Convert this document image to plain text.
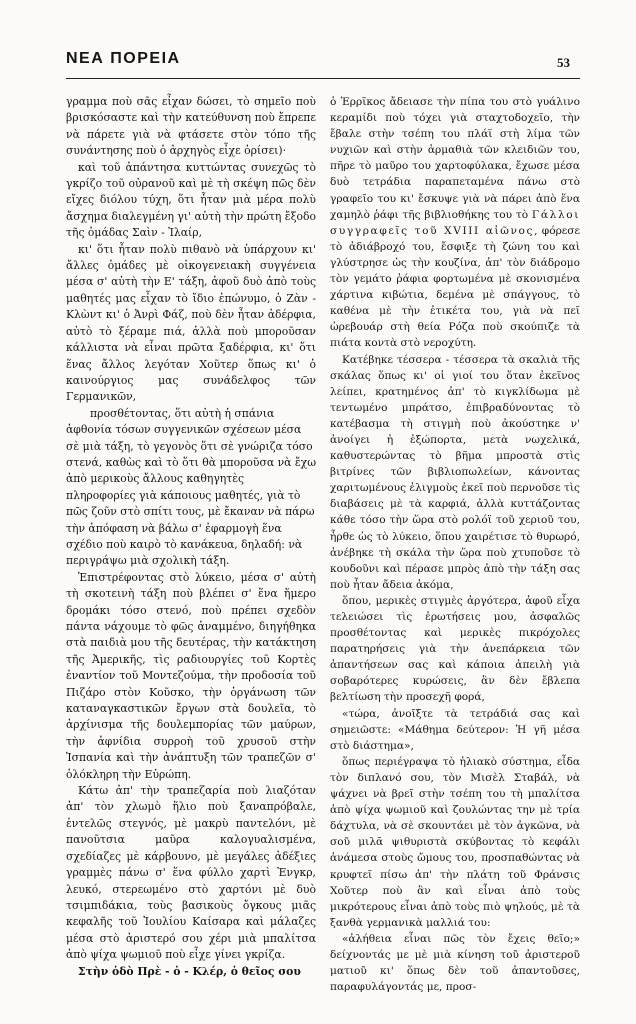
ΝΕΑ ΠΟΡΕΙΑ	53

γραμμα ποὺ σᾶς εἶχαν δώσει, τὸ σημεῖο ποὺ βρισκόσαστε καὶ τὴν κατεύθυνση ποὺ ἔπρεπε νὰ πάρετε γιὰ νὰ φτάσετε στὸν τόπο τῆς συνάντησης ποὺ ὁ ἀρχηγὸς εἶχε ὁρίσει)·

καὶ τοῦ ἀπάντησα κυττώντας συνεχῶς τὸ γκρίζο τοῦ οὐρανοῦ καὶ μὲ τὴ σκέψη πῶς δὲν εἴχες διόλου τύχη, ὅτι ἦταν μιὰ μέρα πολὺ ἄσχημα διαλεγμένη γι' αὐτὴ τὴν πρώτη ἔξοδο τῆς ὁμάδας Σαὶν - Ἰλαίρ,

κι' ὅτι ἦταν πολὺ πιθανὸ νὰ ὑπάρχουν κι' ἄλλες ὁμάδες μὲ οἰκογενειακὴ συγγένεια μέσα σ' αὐτὴ τὴν Ε' τάξη, ἀφοῦ δυὸ ἀπὸ τοὺς μαθητές μας εἶχαν τὸ ἴδιο ἐπώνυμο, ὁ Ζὰν - Κλὼντ κι' ὁ Ἀνρὶ Φάζ, ποὺ δὲν ἦταν ἀδέρφια, αὐτὸ τὸ ξέραμε πιά, ἀλλὰ ποὺ μποροῦσαν κάλλιστα νὰ εἶναι πρῶτα ξαδέρφια, κι' ὅτι ἕνας ἄλλος λεγόταν Χοῦτερ ὅπως κι' ὁ καινούργιος μας συνάδελφος τῶν Γερμανικῶν,

προσθέτοντας, ὅτι αὐτὴ ἡ σπάνια ἀφθονία τόσων συγγενικῶν σχέσεων μέσα σὲ μιὰ τάξη, τὸ γεγονὸς ὅτι σὲ γνώριζα τόσο στενά, καθὼς καὶ τὸ ὅτι θὰ μποροῦσα νὰ ἔχω ἀπὸ μερικοὺς ἄλλους καθηγητὲς πληροφορίες γιὰ κάποιους μαθητές, γιὰ τὸ πῶς ζοῦν στὸ σπίτι τους, μὲ ἔκαναν νὰ πάρω τὴν ἀπόφαση νὰ βάλω σ' ἐφαρμογὴ ἕνα σχέδιο ποὺ καιρὸ τὸ κανάκευα, δηλαδή: νὰ περιγράψω μιὰ σχολικὴ τάξη.

Ἐπιστρέφοντας στὸ λύκειο, μέσα σ' αὐτὴ τὴ σκοτεινὴ τάξη ποὺ βλέπει σ' ἕνα ἥμερο δρομάκι τόσο στενό, ποὺ πρέπει σχεδὸν πάντα νάχουμε τὸ φῶς ἀναμμένο, διηγήθηκα στὰ παιδιὰ μου τῆς δευτέρας, τὴν κατάκτηση τῆς Ἀμερικῆς, τὶς ραδιουργίες τοῦ Κορτὲς ἐναντίον τοῦ Μοντεζούμα, τὴν προδοσία τοῦ Πιζάρο στὸν Κοῦσκο, τὴν ὀργάνωση τῶν καταναγκαστικῶν ἔργων στὰ δουλεῖα, τὸ ἀρχίνισμα τῆς δουλεμπορίας τῶν μαύρων, τὴν ἀφνίδια συρροὴ τοῦ χρυσοῦ στὴν Ἰσπανία καὶ τὴν ἀνάπτυξη τῶν τραπεζῶν σ' ὁλόκληρη τὴν Εὐρώπη.

Κάτω ἀπ' τὴν τραπεζαρία ποὺ λιαζόταν ἀπ' τὸν χλωμὸ ἥλιο ποὺ ξαναπρόβαλε, ἐντελῶς στεγνός, μὲ μακρὺ παντελόνι, μὲ πανοῦτσια μαῦρα καλογυαλισμένα, σχεδίαζες μὲ κάρβουνο, μὲ μεγάλες ἀδέξιες γραμμὲς πάνω σ' ἕνα φύλλο χαρτὶ Ἐνγκρ, λευκό, στερεωμένο στὸ χαρτόνι μὲ δυὸ τσιμπιδάκια, τοὺς βασικοὺς ὄγκους μιᾶς κεφαλῆς τοῦ Ἰουλίου Καίσαρα καὶ μάλαζες μέσα στὸ ἀριστερό σου χέρι μιὰ μπαλίτσα ἀπὸ ψίχα ψωμιοῦ ποὺ εἶχε γίνει γκρίζα.

Στὴν ὁδὸ Πρὲ - ὀ - Κλέρ, ὁ θεῖος σου

ὁ Ἐρρῖκος ἄδειασε τὴν πίπα του στὸ γυάλινο κεραμίδι ποὺ τόχει γιὰ σταχτοδοχεῖο, τὴν ἔβαλε στὴν τσέπη του πλάϊ στὴ λίμα τῶν νυχιῶν καὶ στὴν ἁρμαθιὰ τῶν κλειδιῶν του, πῆρε τὸ μαῦρο του χαρτοφύλακα, ἔχωσε μέσα δυὸ τετράδια παραπεταμένα πάνω στὸ γραφεῖο του κι' ἔσκυψε γιὰ νὰ πάρει ἀπὸ ἕνα χαμηλὸ ῥάφι τῆς βιβλιοθήκης του τὸ Γάλλοι συγγραφεῖς τοῦ XVIII αἰῶνος, φόρεσε τὸ ἀδιάβροχό του, ἔσφιξε τὴ ζώνη του καὶ γλύστρησε ὡς τὴν κουζίνα, ἀπ' τὸν διάδρομο τὸν γεμάτο ῥάφια φορτωμένα μὲ σκονισμένα χάρτινα κιβώτια, δεμένα μὲ σπάγγους, τὸ καθένα μὲ τὴν ἐτικέτα του, γιὰ νὰ πεῖ ὠρεβουάρ στὴ θεία Ρόζα ποὺ σκούπιζε τὰ πιάτα κοντὰ στὸ νεροχύτη.

Κατέβηκε τέσσερα - τέσσερα τὰ σκαλιὰ τῆς σκάλας ὅπως κι' οἱ γιοί του ὅταν ἐκεῖνος λείπει, κρατημένος ἀπ' τὸ κιγκλίδωμα μὲ τεντωμένο μπράτσο, ἐπιβραδύνοντας τὸ κατέβασμα τὴ στιγμὴ ποὺ ἀκούστηκε ν' ἀνοίγει ἡ ἐξώπορτα, μετὰ νωχελικά, καθυστερώντας τὸ βῆμα μπροστὰ στὶς βιτρίνες τῶν βιβλιοπωλείων, κάνοντας χαριτωμένους ἐλιγμοὺς ἐκεῖ ποὺ περνοῦσε τὶς διαβάσεις μὲ τὰ καρφιά, ἀλλὰ κυττάζοντας κάθε τόσο τὴν ὥρα στὸ ρολόϊ τοῦ χεριοῦ του, ἦρθε ὡς τὸ λύκειο, ὅπου χαιρέτισε τὸ θυρωρό, ἀνέβηκε τὴ σκάλα τὴν ὥρα ποὺ χτυποῦσε τὸ κουδοῦνι καὶ πέρασε μπρὸς ἀπὸ τὴν τάξη σας ποὺ ἦταν ἄδεια ἀκόμα,

ὅπου, μερικὲς στιγμὲς ἀργότερα, ἀφοῦ εἶχα τελειώσει τὶς ἐρωτήσεις μου, ἀσφαλῶς προσθέτοντας καὶ μερικὲς πικρόχολες παρατηρήσεις γιὰ τὴν ἀνεπάρκεια τῶν ἀπαντήσεων σας καὶ κάποια ἀπειλὴ γιὰ σοβαρότερες κυρώσεις, ἂν δὲν ἔβλεπα βελτίωση τὴν προσεχῆ φορά,

«τώρα, ἀνοῖξτε τὰ τετράδιά σας καὶ σημειῶστε: «Μάθημα δεύτερον: Ἡ γῆ μέσα στὸ διάστημα»,

ὅπως περιέγραψα τὸ ἡλιακὸ σύστημα, εἶδα τὸν διπλανό σου, τὸν Μισὲλ Σταβάλ, νὰ ψάχνει νὰ βρεῖ στὴν τσέπη του τὴ μπαλίτσα ἀπὸ ψίχα ψωμιοῦ καὶ ζουλώντας την μὲ τρία δάχτυλα, νὰ σὲ σκουντάει μὲ τὸν ἀγκῶνα, νὰ σοῦ μιλᾶ ψιθυριστὰ σκύβοντας τὸ κεφάλι ἀνάμεσα στοὺς ὤμους του, προσπαθώντας νὰ κρυφτεῖ πίσω ἀπ' τὴν πλάτη τοῦ Φράνσις Χοῦτερ ποὺ ἂν καὶ εἶναι ἀπὸ τοὺς μικρότερους εἶναι ἀπὸ τοὺς πιὸ ψηλούς, μὲ τὰ ξανθὰ γερμανικὰ μαλλιά του:

«ἀλήθεια εἶναι πῶς τὸν ἔχεις θεῖο;» δείχνοντάς με μὲ μιὰ κίνηση τοῦ ἀριστεροῦ ματιοῦ κι' ὅπως δὲν τοῦ ἀπαντοῦσες, παραφυλάγοντάς με, προσ-
